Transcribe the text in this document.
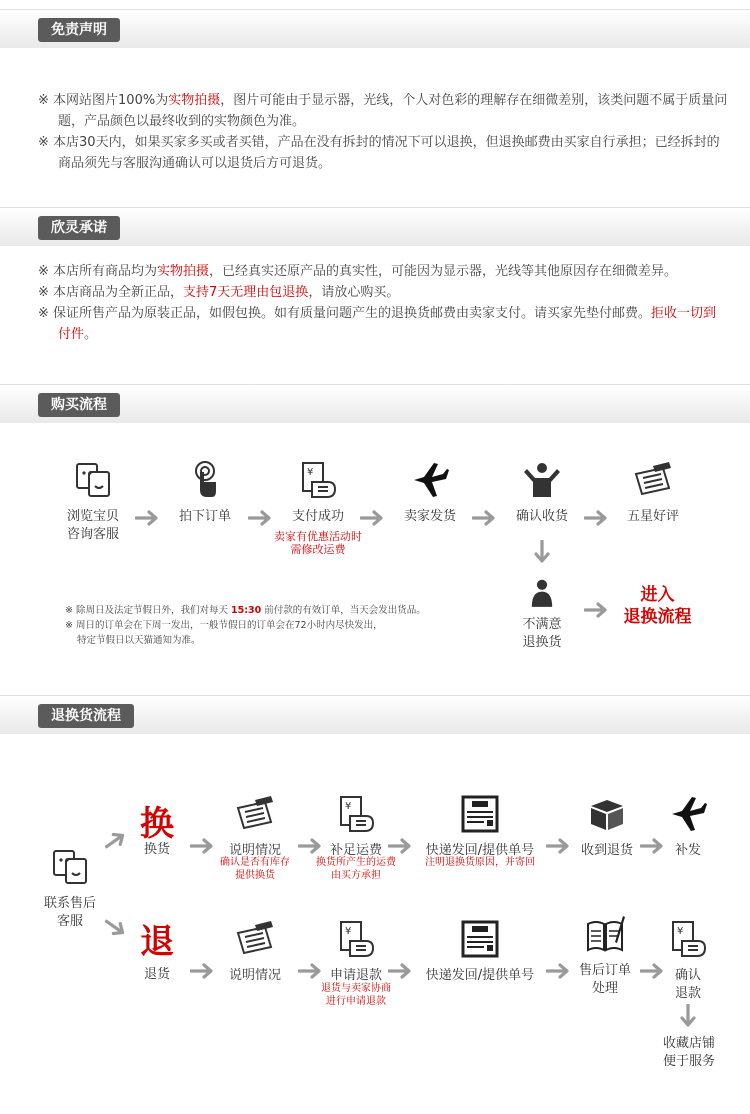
免责声明

※ 本网站图片100%为实物拍摄，图片可能由于显示器，光线，个人对色彩的理解存在细微差别，该类问题不属于质量问题，产品颜色以最终收到的实物颜色为准。

※ 本店30天内，如果买家多买或者买错，产品在没有拆封的情况下可以退换，但退换邮费由买家自行承担；已经拆封的商品须先与客服沟通确认可以退货后方可退货。

欣灵承诺

※ 本店所有商品均为实物拍摄，已经真实还原产品的真实性，可能因为显示器，光线等其他原因存在细微差异。

※ 本店商品为全新正品，支持7天无理由包退换，请放心购买。

※ 保证所售产品为原装正品，如假包换。如有质量问题产生的退换货邮费由卖家支付。请买家先垫付邮费。拒收一切到付件。

购买流程
浏览宝贝
咨询客服
拍下订单	支付成功
卖家有优惠活动时
需修改运费
卖家发货	确认收货	五星好评
不满意
退换货
进入
退换流程
※ 除周日及法定节假日外，我们对每天 15:30 前付款的有效订单，当天会发出货品。
※ 周日的订单会在下周一发出，一般节假日的订单会在72小时内尽快发出，
特定节假日以天猫通知为准。
退换货流程
联系售后
客服
换
换货	说明情况
确认是否有库存
提供换货
补足运费
换货所产生的运费
由买方承担
快递发回/提供单号
注明退换货原因，并寄回
收到退货	补发
退
退货	说明情况	申请退款
退货与卖家协商
进行申请退款
快递发回/提供单号	售后订单
处理
确认
退款
收藏店铺
便于服务
